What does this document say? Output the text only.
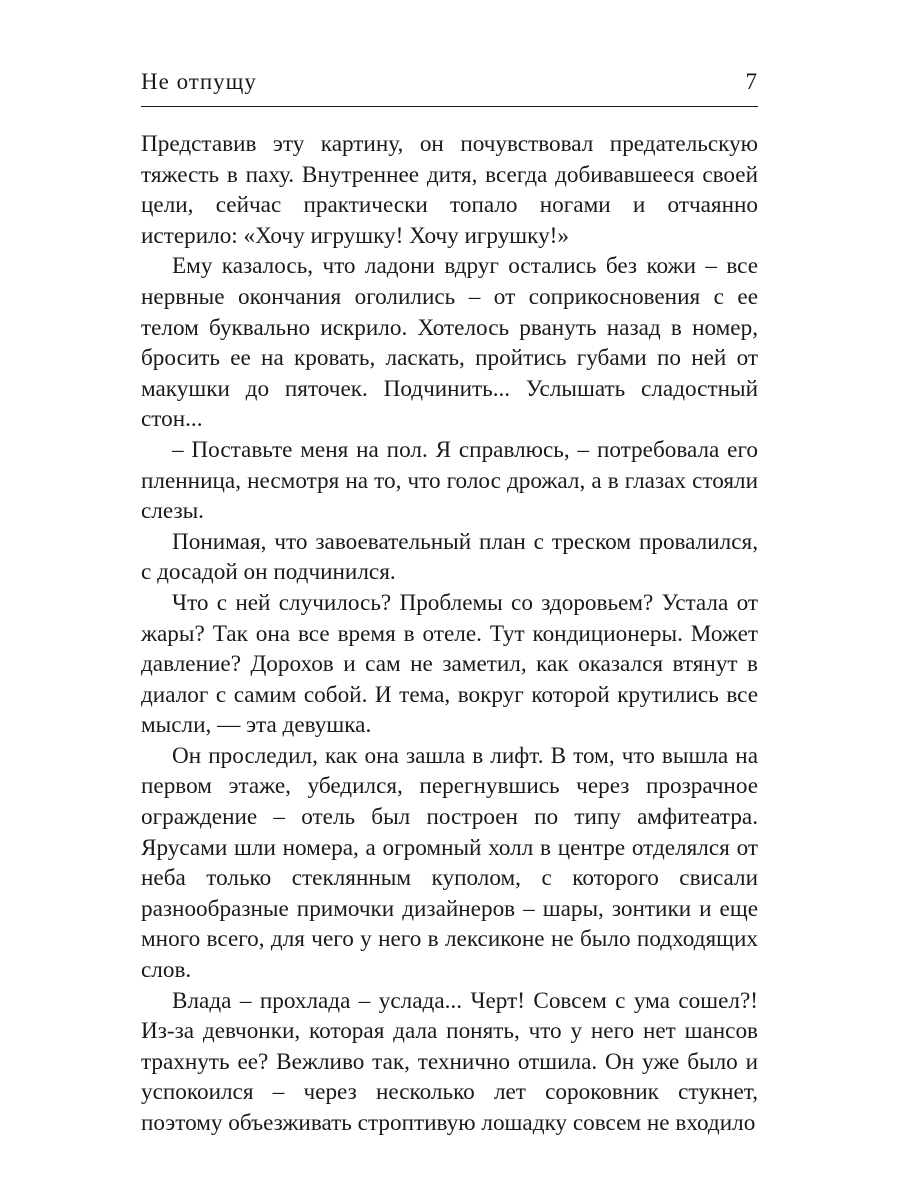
Не отпущу	7

Представив эту картину, он почувствовал предательскую тяжесть в паху. Внутреннее дитя, всегда добивавшееся своей цели, сейчас практически топало ногами и отчаянно истерило: «Хочу игрушку! Хочу игрушку!»

Ему казалось, что ладони вдруг остались без кожи – все нервные окончания оголились – от соприкосновения с ее телом буквально искрило. Хотелось рвануть назад в номер, бросить ее на кровать, ласкать, пройтись губами по ней от макушки до пяточек. Подчинить... Услышать сладостный стон...

– Поставьте меня на пол. Я справлюсь, – потребовала его пленница, несмотря на то, что голос дрожал, а в глазах стояли слезы.

Понимая, что завоевательный план с треском провалился, с досадой он подчинился.

Что с ней случилось? Проблемы со здоровьем? Устала от жары? Так она все время в отеле. Тут кондиционеры. Может давление? Дорохов и сам не заметил, как оказался втянут в диалог с самим собой. И тема, вокруг которой крутились все мысли, –– эта девушка.

Он проследил, как она зашла в лифт. В том, что вышла на первом этаже, убедился, перегнувшись через прозрачное ограждение – отель был построен по типу амфитеатра. Ярусами шли номера, а огромный холл в центре отделялся от неба только стеклянным куполом, с которого свисали разнообразные примочки дизайнеров – шары, зонтики и еще много всего, для чего у него в лексиконе не было подходящих слов.

Влада – прохлада – услада... Черт! Совсем с ума сошел?! Из-за девчонки, которая дала понять, что у него нет шансов трахнуть ее? Вежливо так, технично отшила. Он уже было и успокоился – через несколько лет сороковник стукнет, поэтому объезживать строптивую лошадку совсем не входило
